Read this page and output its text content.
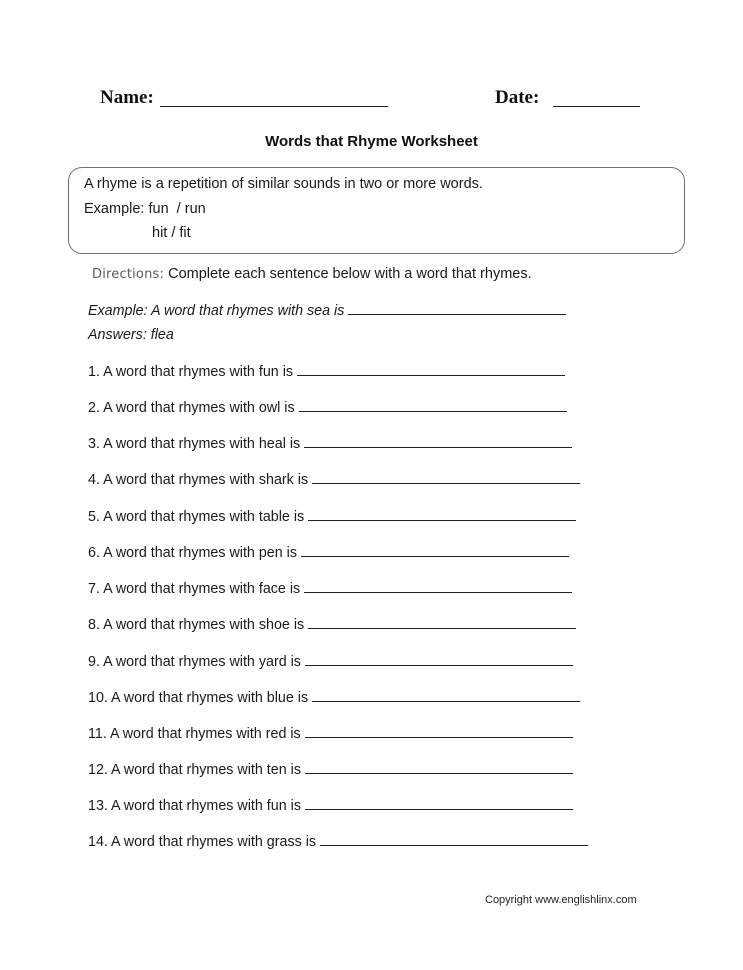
Name:	Date:
Words that Rhyme Worksheet
A rhyme is a repetition of similar sounds in two or more words.
Example: fun  / run
hit / fit
Directions: Complete each sentence below with a word that rhymes.
Example: A word that rhymes with sea is
Answers: flea
1. A word that rhymes with fun is
2. A word that rhymes with owl is
3. A word that rhymes with heal is
4. A word that rhymes with shark is
5. A word that rhymes with table is
6. A word that rhymes with pen is
7. A word that rhymes with face is
8. A word that rhymes with shoe is
9. A word that rhymes with yard is
10. A word that rhymes with blue is
11. A word that rhymes with red is
12. A word that rhymes with ten is
13. A word that rhymes with fun is
14. A word that rhymes with grass is
Copyright www.englishlinx.com
